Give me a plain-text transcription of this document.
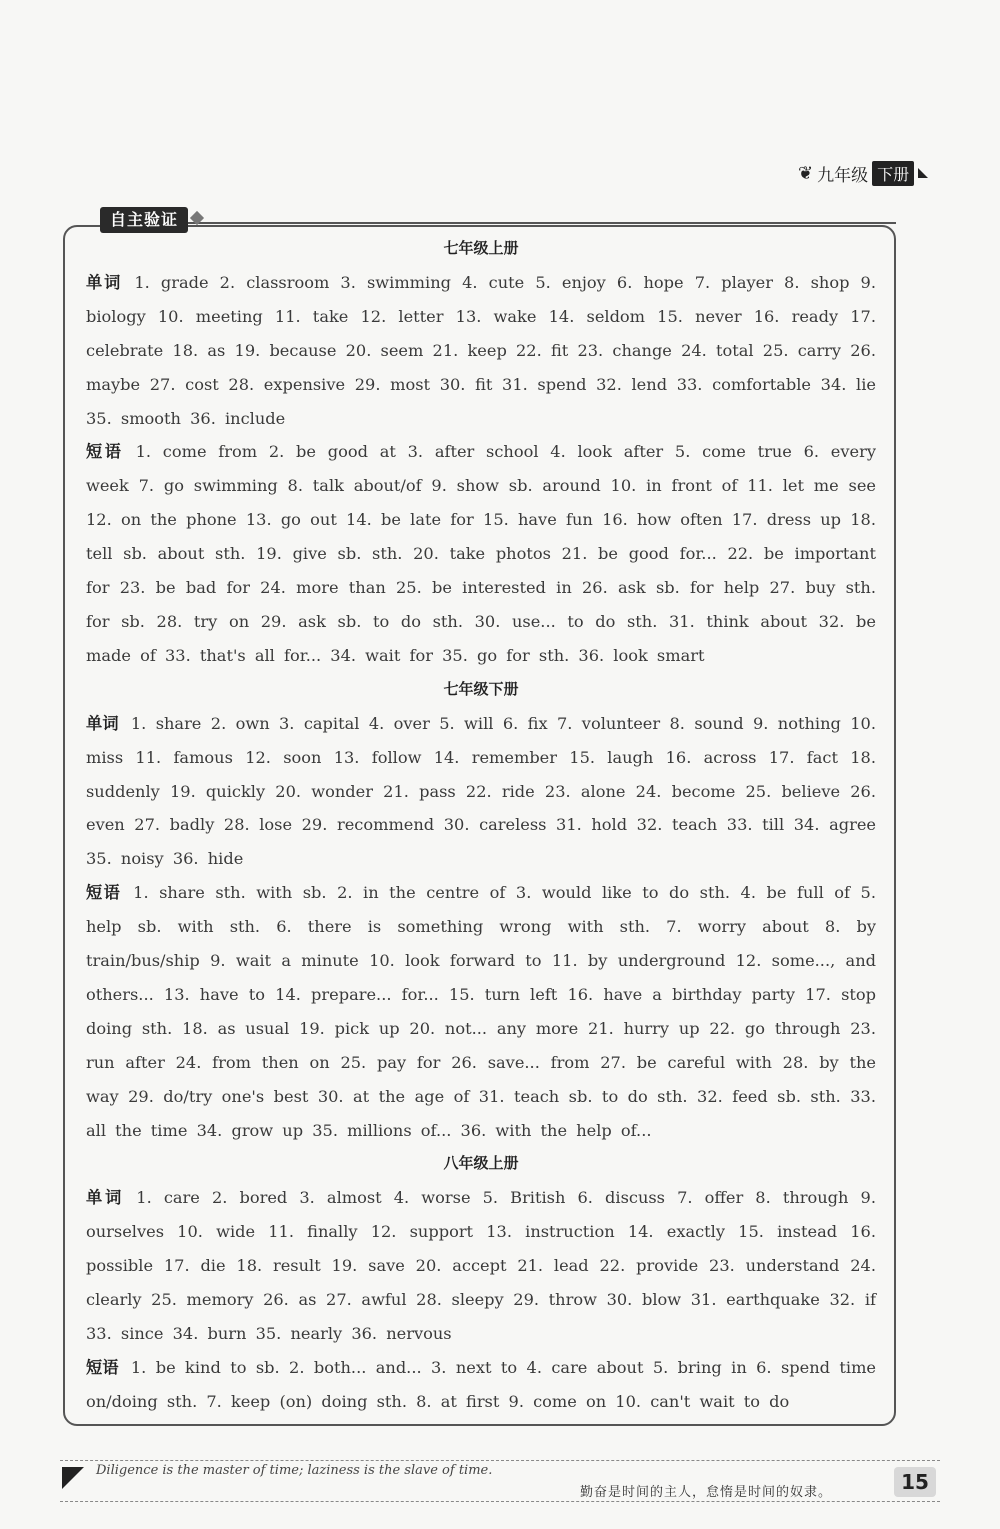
❦ 九年级 下册
自主验证
七年级上册

单词 1. grade 2. classroom 3. swimming 4. cute 5. enjoy 6. hope 7. player 8. shop 9. biology 10. meeting 11. take 12. letter 13. wake 14. seldom 15. never 16. ready 17. celebrate 18. as 19. because 20. seem 21. keep 22. fit 23. change 24. total 25. carry 26. maybe 27. cost 28. expensive 29. most 30. fit 31. spend 32. lend 33. comfortable 34. lie 35. smooth 36. include

短语 1. come from 2. be good at 3. after school 4. look after 5. come true 6. every week 7. go swimming 8. talk about/of 9. show sb. around 10. in front of 11. let me see 12. on the phone 13. go out 14. be late for 15. have fun 16. how often 17. dress up 18. tell sb. about sth. 19. give sb. sth. 20. take photos 21. be good for... 22. be important for 23. be bad for 24. more than 25. be interested in 26. ask sb. for help 27. buy sth. for sb. 28. try on 29. ask sb. to do sth. 30. use... to do sth. 31. think about 32. be made of 33. that's all for... 34. wait for 35. go for sth. 36. look smart

七年级下册

单词 1. share 2. own 3. capital 4. over 5. will 6. fix 7. volunteer 8. sound 9. nothing 10. miss 11. famous 12. soon 13. follow 14. remember 15. laugh 16. across 17. fact 18. suddenly 19. quickly 20. wonder 21. pass 22. ride 23. alone 24. become 25. believe 26. even 27. badly 28. lose 29. recommend 30. careless 31. hold 32. teach 33. till 34. agree 35. noisy 36. hide

短语 1. share sth. with sb. 2. in the centre of 3. would like to do sth. 4. be full of 5. help sb. with sth. 6. there is something wrong with sth. 7. worry about 8. by train/bus/ship 9. wait a minute 10. look forward to 11. by underground 12. some..., and others... 13. have to 14. prepare... for... 15. turn left 16. have a birthday party 17. stop doing sth. 18. as usual 19. pick up 20. not... any more 21. hurry up 22. go through 23. run after 24. from then on 25. pay for 26. save... from 27. be careful with 28. by the way 29. do/try one's best 30. at the age of 31. teach sb. to do sth. 32. feed sb. sth. 33. all the time 34. grow up 35. millions of... 36. with the help of...

八年级上册

单词 1. care 2. bored 3. almost 4. worse 5. British 6. discuss 7. offer 8. through 9. ourselves 10. wide 11. finally 12. support 13. instruction 14. exactly 15. instead 16. possible 17. die 18. result 19. save 20. accept 21. lead 22. provide 23. understand 24. clearly 25. memory 26. as 27. awful 28. sleepy 29. throw 30. blow 31. earthquake 32. if 33. since 34. burn 35. nearly 36. nervous

短语 1. be kind to sb. 2. both... and... 3. next to 4. care about 5. bring in 6. spend time on/doing sth. 7. keep (on) doing sth. 8. at first 9. come on 10. can't wait to do

Diligence is the master of time; laziness is the slave of time.
勤奋是时间的主人，怠惰是时间的奴隶。	15
